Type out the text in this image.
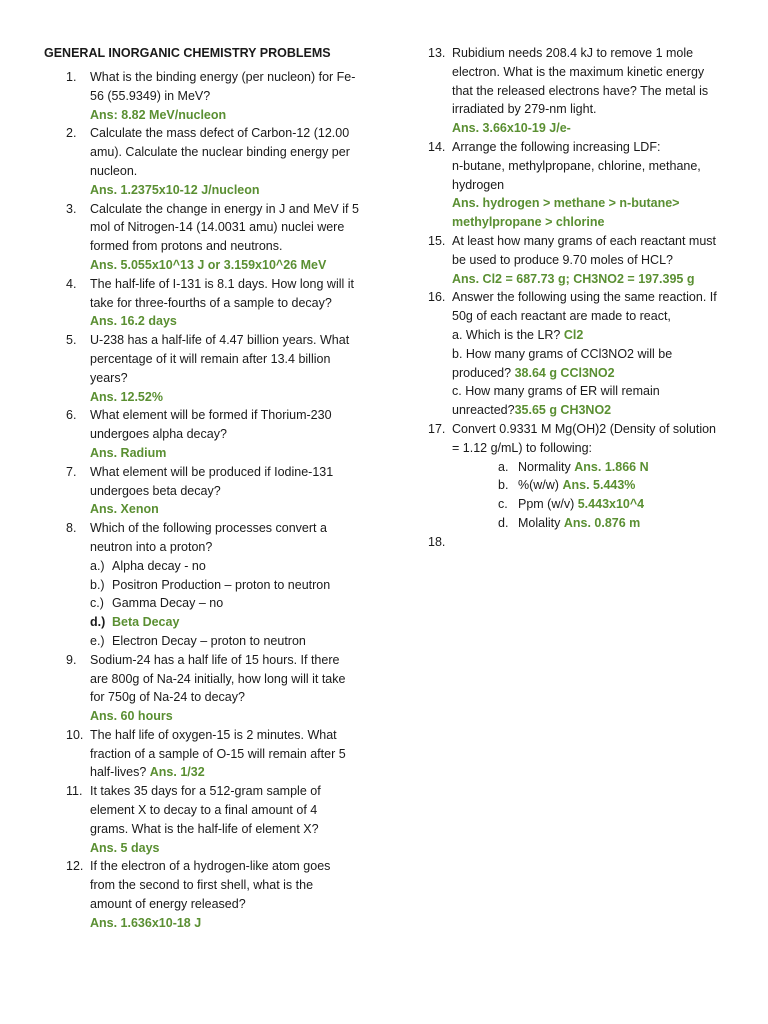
GENERAL INORGANIC CHEMISTRY PROBLEMS
1. What is the binding energy (per nucleon) for Fe-
56 (55.9349) in MeV?
Ans: 8.82 MeV/nucleon
2. Calculate the mass defect of Carbon-12 (12.00
amu). Calculate the nuclear binding energy per
nucleon.
Ans. 1.2375x10-12 J/nucleon
3. Calculate the change in energy in J and MeV if 5
mol of Nitrogen-14 (14.0031 amu) nuclei were
formed from protons and neutrons.
Ans. 5.055x10^13 J or 3.159x10^26 MeV
4. The half-life of I-131 is 8.1 days. How long will it
take for three-fourths of a sample to decay?
Ans. 16.2 days
5. U-238 has a half-life of 4.47 billion years. What
percentage of it will remain after 13.4 billion
years?
Ans. 12.52%
6. What element will be formed if Thorium-230
undergoes alpha decay?
Ans. Radium
7. What element will be produced if Iodine-131
undergoes beta decay?
Ans. Xenon
8. Which of the following processes convert a
neutron into a proton?
a.) Alpha decay - no
b.) Positron Production – proton to neutron
c.) Gamma Decay – no
d.) Beta Decay
e.) Electron Decay – proton to neutron
9. Sodium-24 has a half life of 15 hours. If there
are 800g of Na-24 initially, how long will it take
for 750g of Na-24 to decay?
Ans. 60 hours
10. The half life of oxygen-15 is 2 minutes. What
fraction of a sample of O-15 will remain after 5
half-lives? Ans. 1/32
11. It takes 35 days for a 512-gram sample of
element X to decay to a final amount of 4
grams. What is the half-life of element X?
Ans. 5 days
12. If the electron of a hydrogen-like atom goes
from the second to first shell, what is the
amount of energy released?
Ans. 1.636x10-18 J
13. Rubidium needs 208.4 kJ to remove 1 mole
electron. What is the maximum kinetic energy
that the released electrons have? The metal is
irradiated by 279-nm light.
Ans. 3.66x10-19 J/e-
14. Arrange the following increasing LDF:
n-butane, methylpropane, chlorine, methane,
hydrogen
Ans. hydrogen > methane > n-butane>
methylpropane > chlorine
15. At least how many grams of each reactant must
be used to produce 9.70 moles of HCL?
Ans. Cl2 = 687.73 g; CH3NO2 = 197.395 g
16. Answer the following using the same reaction. If
50g of each reactant are made to react,
a. Which is the LR? Cl2
b. How many grams of CCl3NO2 will be
produced? 38.64 g CCl3NO2
c. How many grams of ER will remain
unreacted?35.65 g CH3NO2
17. Convert 0.9331 M Mg(OH)2 (Density of solution
= 1.12 g/mL) to following:
a. Normality Ans. 1.866 N
b. %(w/w) Ans. 5.443%
c. Ppm (w/v) 5.443x10^4
d. Molality Ans. 0.876 m
18.
